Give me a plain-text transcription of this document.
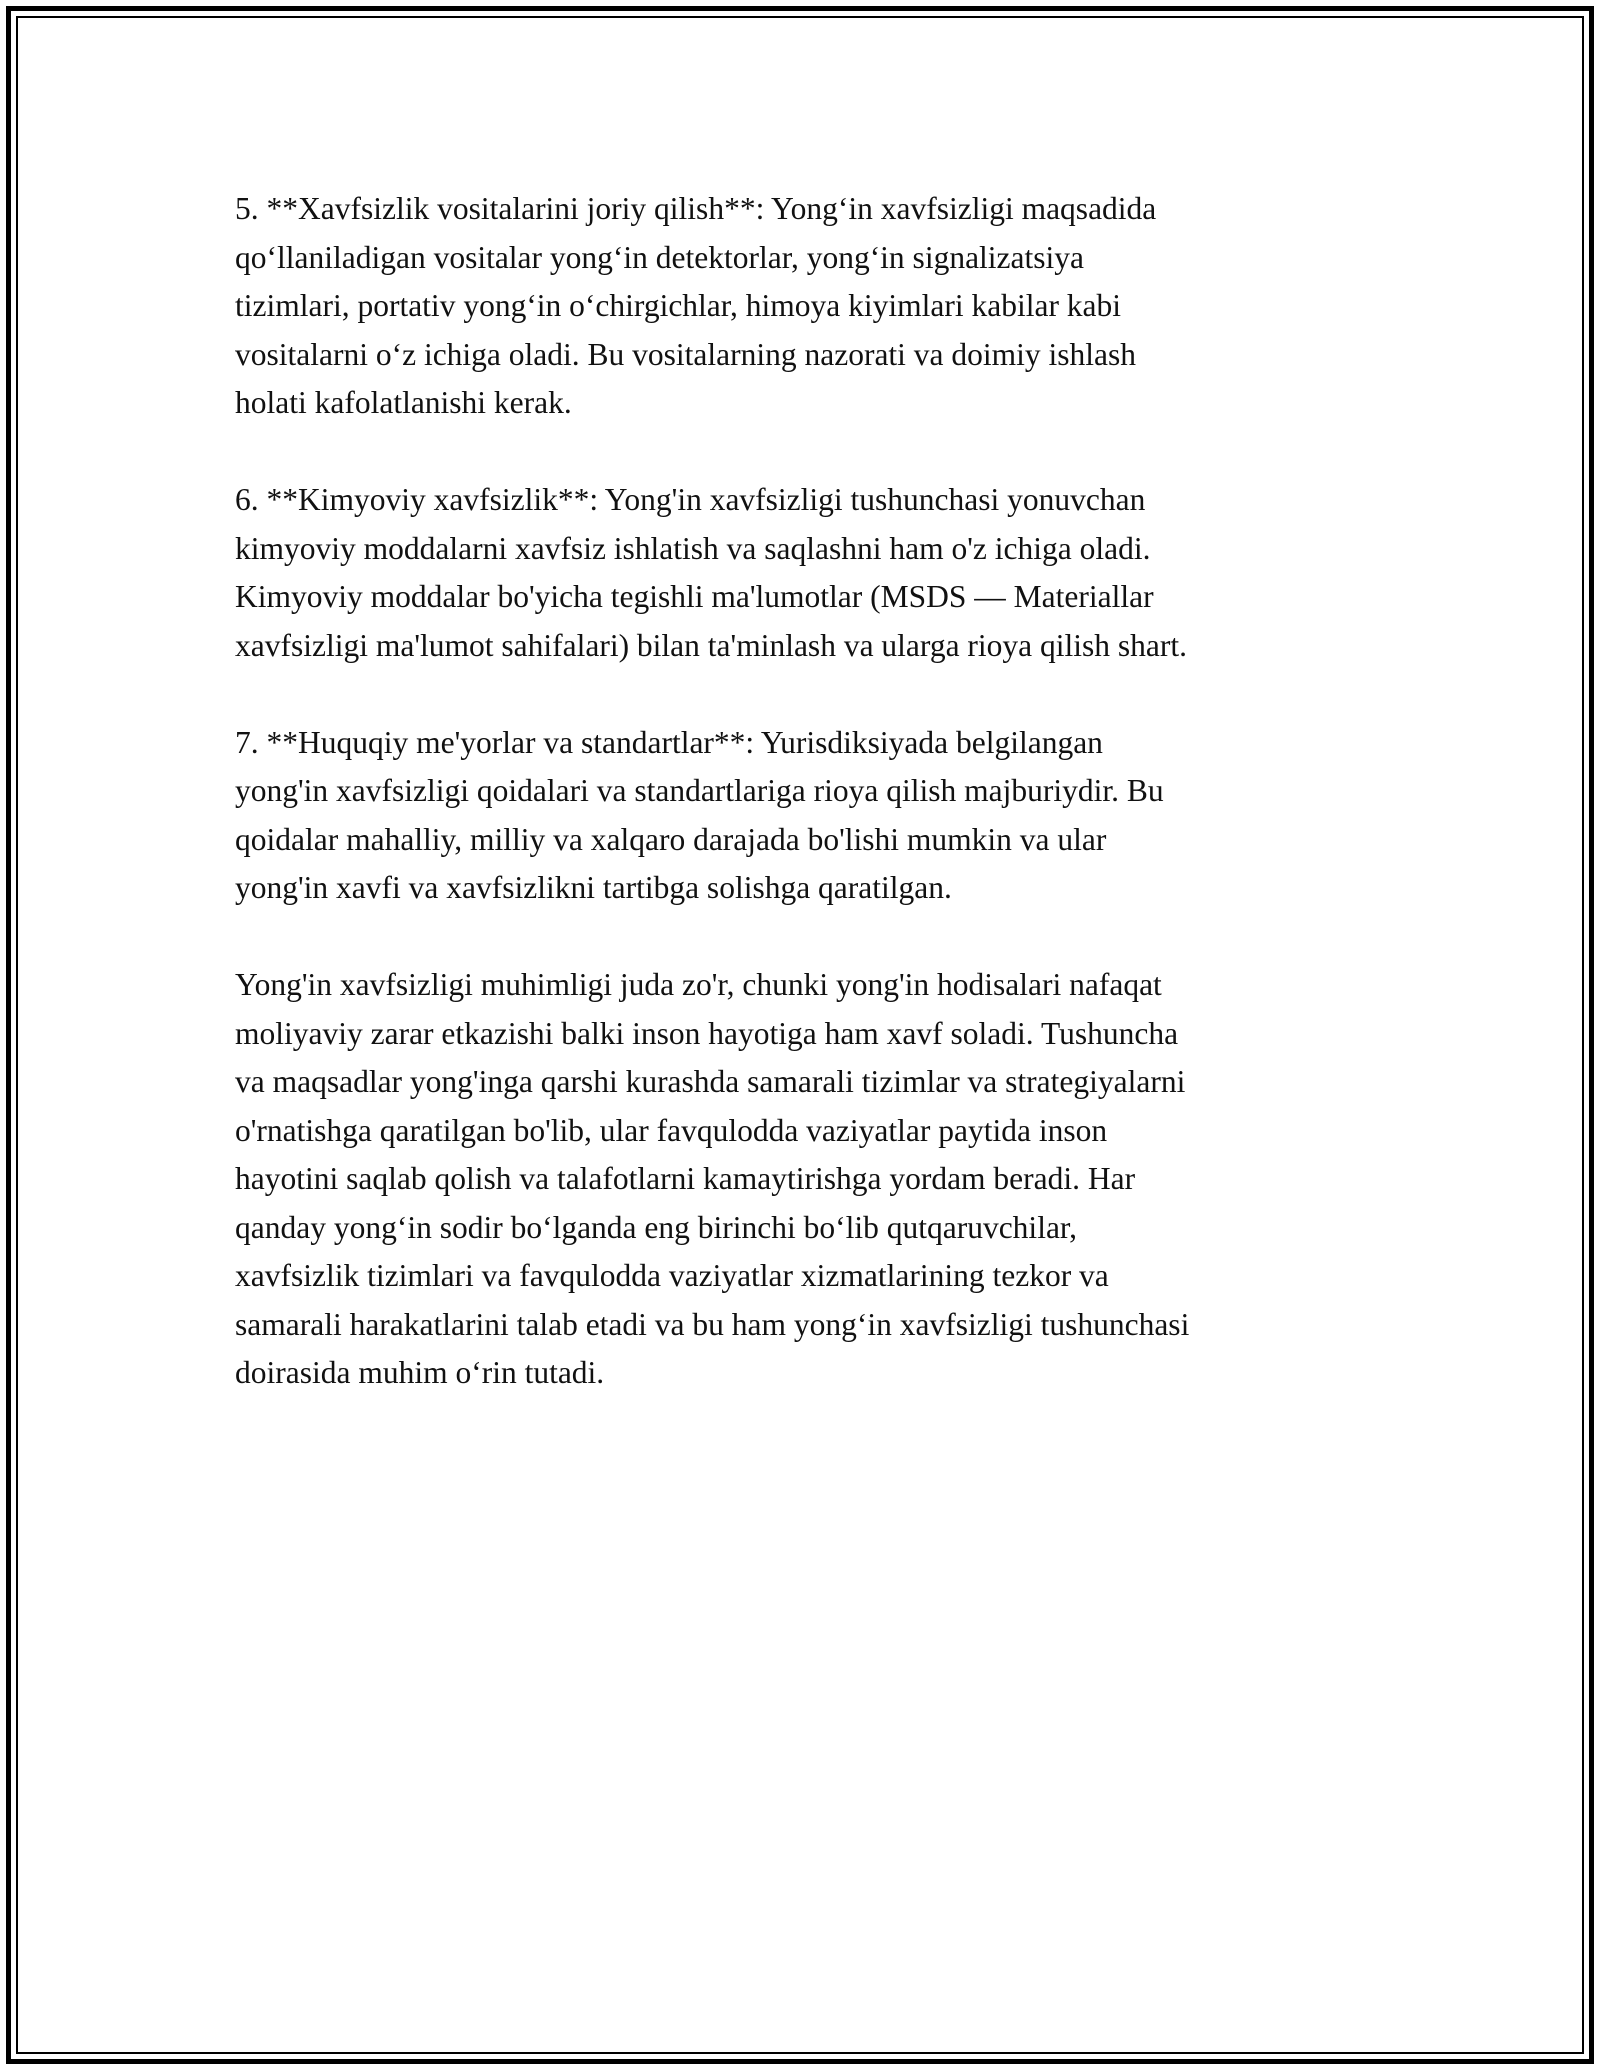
5. **Xavfsizlik vositalarini joriy qilish**: Yong‘in xavfsizligi maqsadida
qo‘llaniladigan vositalar yong‘in detektorlar, yong‘in signalizatsiya
tizimlari, portativ yong‘in o‘chirgichlar, himoya kiyimlari kabilar kabi
vositalarni o‘z ichiga oladi. Bu vositalarning nazorati va doimiy ishlash
holati kafolatlanishi kerak.

6. **Kimyoviy xavfsizlik**: Yong'in xavfsizligi tushunchasi yonuvchan
kimyoviy moddalarni xavfsiz ishlatish va saqlashni ham o'z ichiga oladi.
Kimyoviy moddalar bo'yicha tegishli ma'lumotlar (MSDS — Materiallar
xavfsizligi ma'lumot sahifalari) bilan ta'minlash va ularga rioya qilish shart.

7. **Huquqiy me'yorlar va standartlar**: Yurisdiksiyada belgilangan
yong'in xavfsizligi qoidalari va standartlariga rioya qilish majburiydir. Bu
qoidalar mahalliy, milliy va xalqaro darajada bo'lishi mumkin va ular
yong'in xavfi va xavfsizlikni tartibga solishga qaratilgan.

Yong'in xavfsizligi muhimligi juda zo'r, chunki yong'in hodisalari nafaqat
moliyaviy zarar etkazishi balki inson hayotiga ham xavf soladi. Tushuncha
va maqsadlar yong'inga qarshi kurashda samarali tizimlar va strategiyalarni
o'rnatishga qaratilgan bo'lib, ular favqulodda vaziyatlar paytida inson
hayotini saqlab qolish va talafotlarni kamaytirishga yordam beradi. Har
qanday yong‘in sodir bo‘lganda eng birinchi bo‘lib qutqaruvchilar,
xavfsizlik tizimlari va favqulodda vaziyatlar xizmatlarining tezkor va
samarali harakatlarini talab etadi va bu ham yong‘in xavfsizligi tushunchasi
doirasida muhim o‘rin tutadi.
